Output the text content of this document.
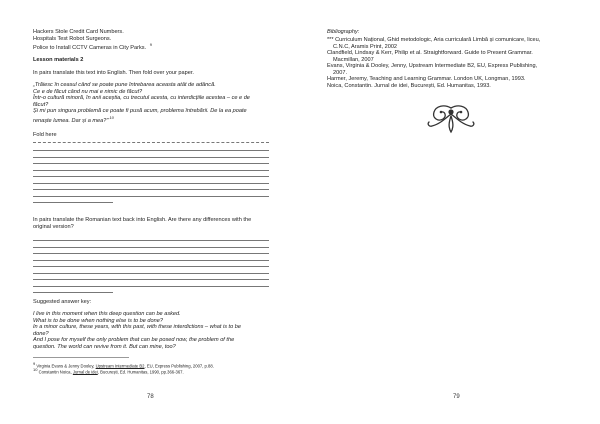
Hackers Stole Credit Card Numbers.
Hospitals Test Robot Surgeons.
Police to Install CCTV Cameras in City Parks. $^9$
Lesson materials 2
In pairs translate this text into English. Then fold over your paper.
„Trăiesc în ceasul când se poate pune întrebarea aceasta atât de adâncă.
Ce e de făcut când nu mai e nimic de făcut?
Într-o cultură minoră, în anii aceștia, cu trecutul acesta, cu interdicțiile acestea – ce e de
făcut?
Și mi pun singura problemă ce poate fi pusă acum, problema întrebării. De la ea poate
renaște lumea. Dar și a mea?"$^{10}$
Fold here
In pairs translate the Romanian text back into English. Are there any differences with the
original version?
Suggested answer key:
I live in this moment when this deep question can be asked.
What is to be done when nothing else is to be done?
In a minor culture, these years, with this past, with these interdictions – what is to be
done?
And I pose for myself the only problem that can be posed now, the problem of the
question. The world can revive from it. But can mine, too?
9 Virginia Evans & Jenny Dooley, Upstream Intermediate B2, EU, Express Publishing, 2007, p.88.
10 Constantin Noica, Jurnal de idei, București, Ed. Humanitas, 1990, pp.366-367.
78
Bibliography:
*** Curriculum Național, Ghid metodologic, Aria curriculară Limbă și comunicare, liceu,
C.N.C, Aramis Print, 2002
Clandfield, Lindsay & Kerr, Philip et al. Straightforward. Guide to Present Grammar.
Macmillan, 2007
Evans, Virginia & Dooley, Jenny, Upstream Intermediate B2, EU, Express Publishing,
2007.
Harmer, Jeremy, Teaching and Learning Grammar. London UK, Longman, 1993.
Noica, Constantin. Jurnal de idei, București, Ed. Humanitas, 1993.
79
